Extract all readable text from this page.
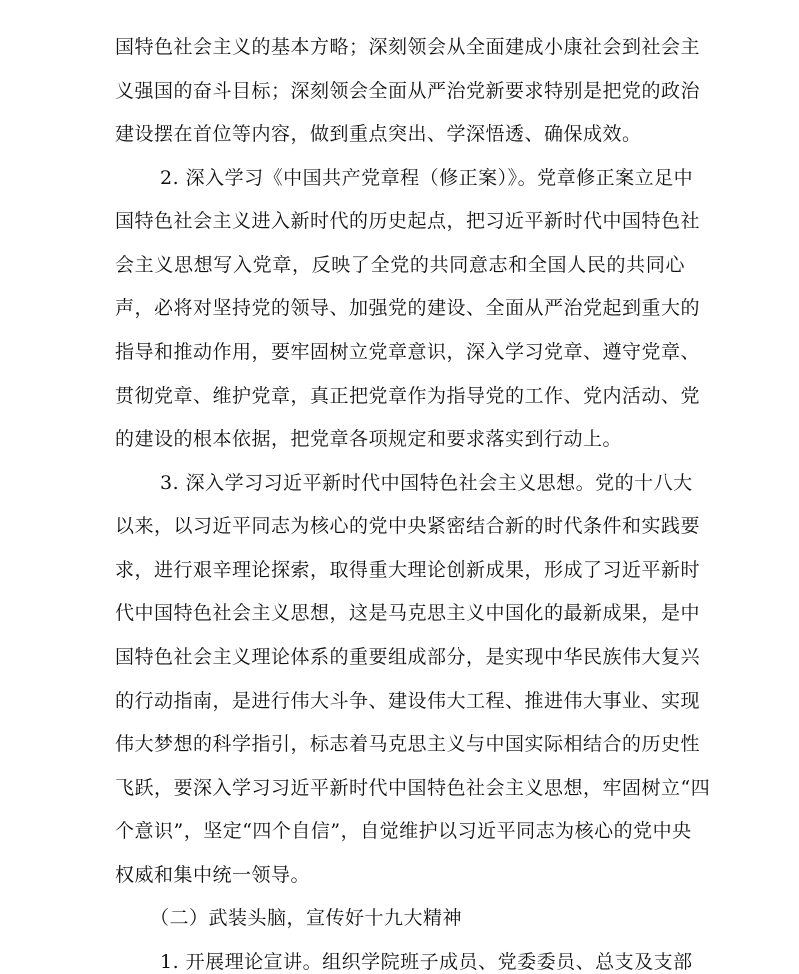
国特色社会主义的基本方略；深刻领会从全面建成小康社会到社会主
义强国的奋斗目标；深刻领会全面从严治党新要求特别是把党的政治
建设摆在首位等内容，做到重点突出、学深悟透、确保成效。
2. 深入学习《中国共产党章程（修正案）》。党章修正案立足中
国特色社会主义进入新时代的历史起点，把习近平新时代中国特色社
会主义思想写入党章，反映了全党的共同意志和全国人民的共同心
声，必将对坚持党的领导、加强党的建设、全面从严治党起到重大的
指导和推动作用，要牢固树立党章意识，深入学习党章、遵守党章、
贯彻党章、维护党章，真正把党章作为指导党的工作、党内活动、党
的建设的根本依据，把党章各项规定和要求落实到行动上。
3. 深入学习习近平新时代中国特色社会主义思想。党的十八大
以来，以习近平同志为核心的党中央紧密结合新的时代条件和实践要
求，进行艰辛理论探索，取得重大理论创新成果，形成了习近平新时
代中国特色社会主义思想，这是马克思主义中国化的最新成果，是中
国特色社会主义理论体系的重要组成部分，是实现中华民族伟大复兴
的行动指南，是进行伟大斗争、建设伟大工程、推进伟大事业、实现
伟大梦想的科学指引，标志着马克思主义与中国实际相结合的历史性
飞跃，要深入学习习近平新时代中国特色社会主义思想，牢固树立“四
个意识”，坚定“四个自信”，自觉维护以习近平同志为核心的党中央
权威和集中统一领导。
（二）武装头脑，宣传好十九大精神
1. 开展理论宣讲。组织学院班子成员、党委委员、总支及支部
